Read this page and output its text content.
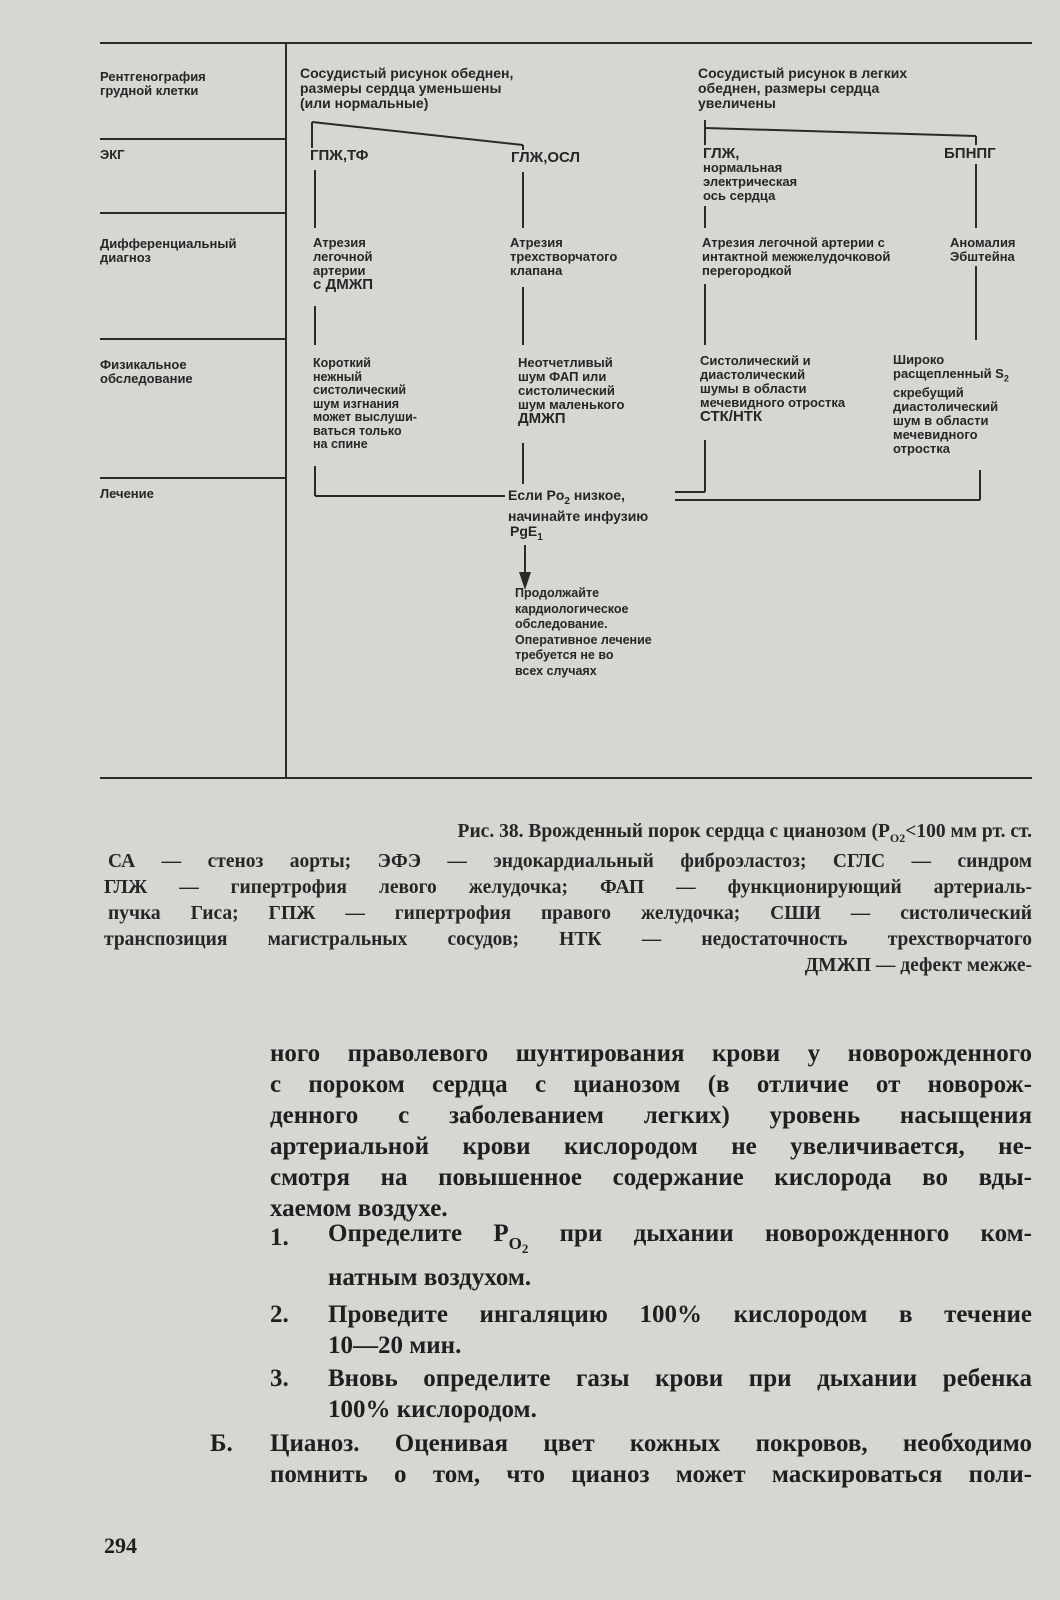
Рентгенография
грудной клетки
ЭКГ
Дифференциальный
диагноз
Физикальное
обследование
Лечение
Сосудистый рисунок обеднен,
размеры сердца уменьшены
(или нормальные)
ГПЖ,ТФ	ГЛЖ,ОСЛ
Атрезия
легочной
артерии
с ДМЖП
Атрезия
трехстворчатого
клапана
Короткий
нежный
систолический
шум изгнания
может выслуши-
ваться только
на спине
Неотчетливый
шум ФАП или
систолический
шум маленького
ДМЖП
Сосудистый рисунок в легких
обеднен, размеры сердца
увеличены
ГЛЖ,
нормальная
электрическая
ось сердца
БПНПГ
Атрезия легочной артерии с
интактной межжелудочковой
перегородкой
Аномалия
Эбштейна
Систолический и
диастолический
шумы в области
мечевидного отростка
СТК/НТК
Широко
расщепленный $S_2$
скребущий
диастолический
шум в области
мечевидного
отростка
Если $Po_2$ низкое,
начинайте инфузию
PgE$_1$
Продолжайте
кардиологическое
обследование.
Оперативное лечение
требуется не во
всех случаях
Рис. 38. Врожденный порок сердца с цианозом ($P_{O2}<100$ мм рт. ст.
СА — стеноз аорты; ЭФЭ — эндокардиальный фиброэластоз; СГЛС — синдром
ГЛЖ — гипертрофия левого желудочка; ФАП — функционирующий артериаль-
пучка Гиса; ГПЖ — гипертрофия правого желудочка; СШИ — систолический
транспозиция магистральных сосудов; НТК — недостаточность трехстворчатого
ДМЖП — дефект межже-
ного праволевого шунтирования крови у новорожденного
с пороком сердца с цианозом (в отличие от новорож-
денного с заболеванием легких) уровень насыщения
артериальной крови кислородом не увеличивается, не-
смотря на повышенное содержание кислорода во вды-
хаемом воздухе.
1. Определите $P_{O2}$ при дыхании новорожденного ком-
натным воздухом.
2. Проведите ингаляцию 100% кислородом в течение
10—20 мин.
3. Вновь определите газы крови при дыхании ребенка
100% кислородом.
Б. Цианоз. Оценивая цвет кожных покровов, необходимо
помнить о том, что цианоз может маскироваться поли-
294
